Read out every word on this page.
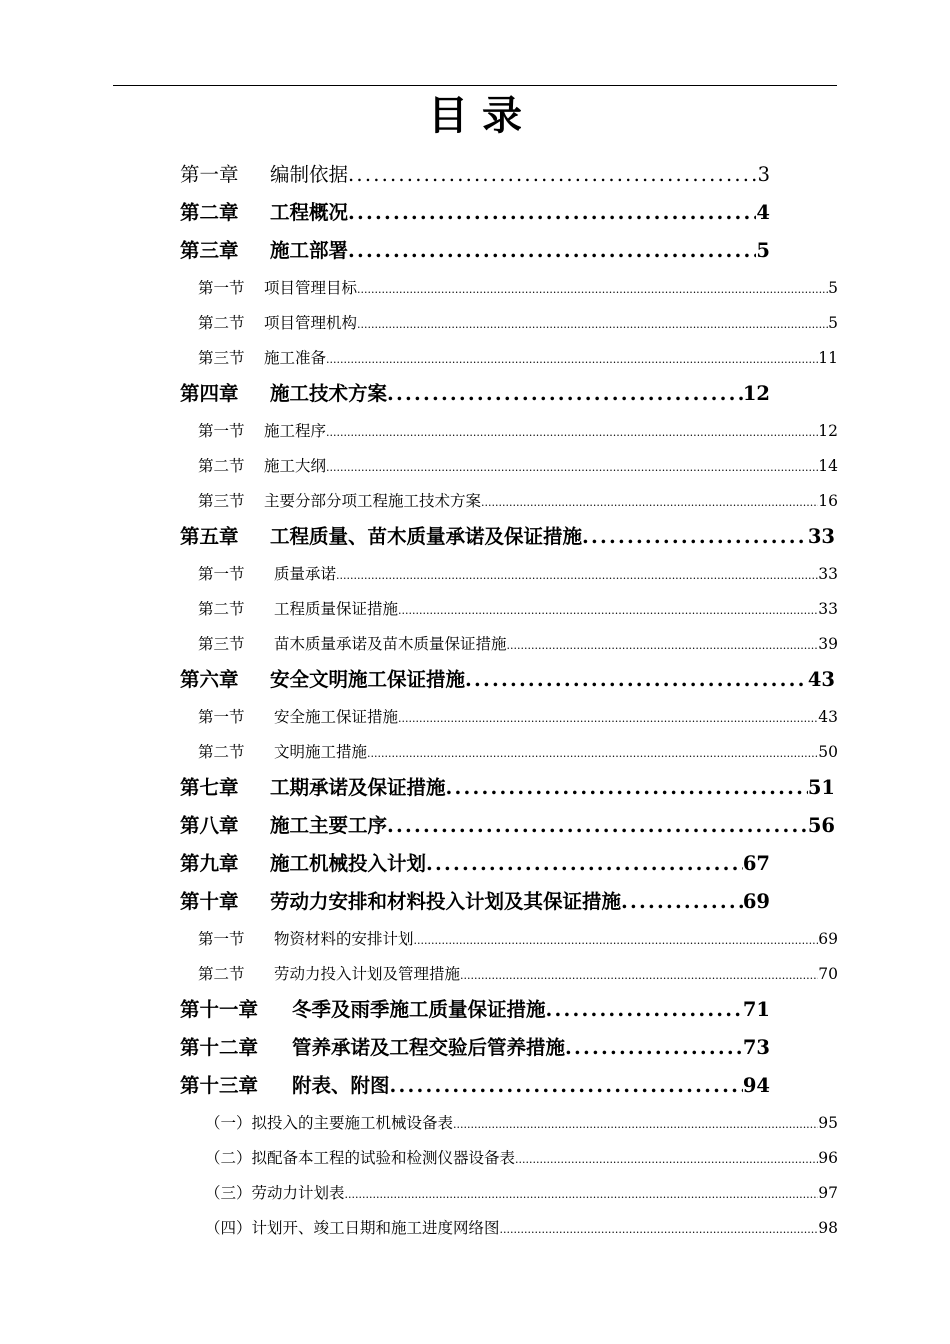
目 录
第一章 编制依据 .....	3
第二章 工程概况 .....	4
第三章 施工部署 .....	5
第一节 项目管理目标 .....	5
第二节 项目管理机构 .....	5
第三节 施工准备 .....	11
第四章 施工技术方案 .....	12
第一节 施工程序 .....	12
第二节 施工大纲 .....	14
第三节 主要分部分项工程施工技术方案 .....	16
第五章 工程质量、苗木质量承诺及保证措施 .....	33
第一节 质量承诺 .....	33
第二节 工程质量保证措施 .....	33
第三节 苗木质量承诺及苗木质量保证措施 .....	39
第六章 安全文明施工保证措施 .....	43
第一节 安全施工保证措施 .....	43
第二节 文明施工措施 .....	50
第七章 工期承诺及保证措施 .....	51
第八章 施工主要工序 .....	56
第九章 施工机械投入计划 .....	67
第十章 劳动力安排和材料投入计划及其保证措施 .....	69
第一节 物资材料的安排计划 .....	69
第二节 劳动力投入计划及管理措施 .....	70
第十一章 冬季及雨季施工质量保证措施 .....	71
第十二章 管养承诺及工程交验后管养措施 .....	73
第十三章 附表、附图 .....	94
（一）拟投入的主要施工机械设备表 .....	95
（二）拟配备本工程的试验和检测仪器设备表 .....	96
（三）劳动力计划表 .....	97
（四）计划开、竣工日期和施工进度网络图 .....	98
